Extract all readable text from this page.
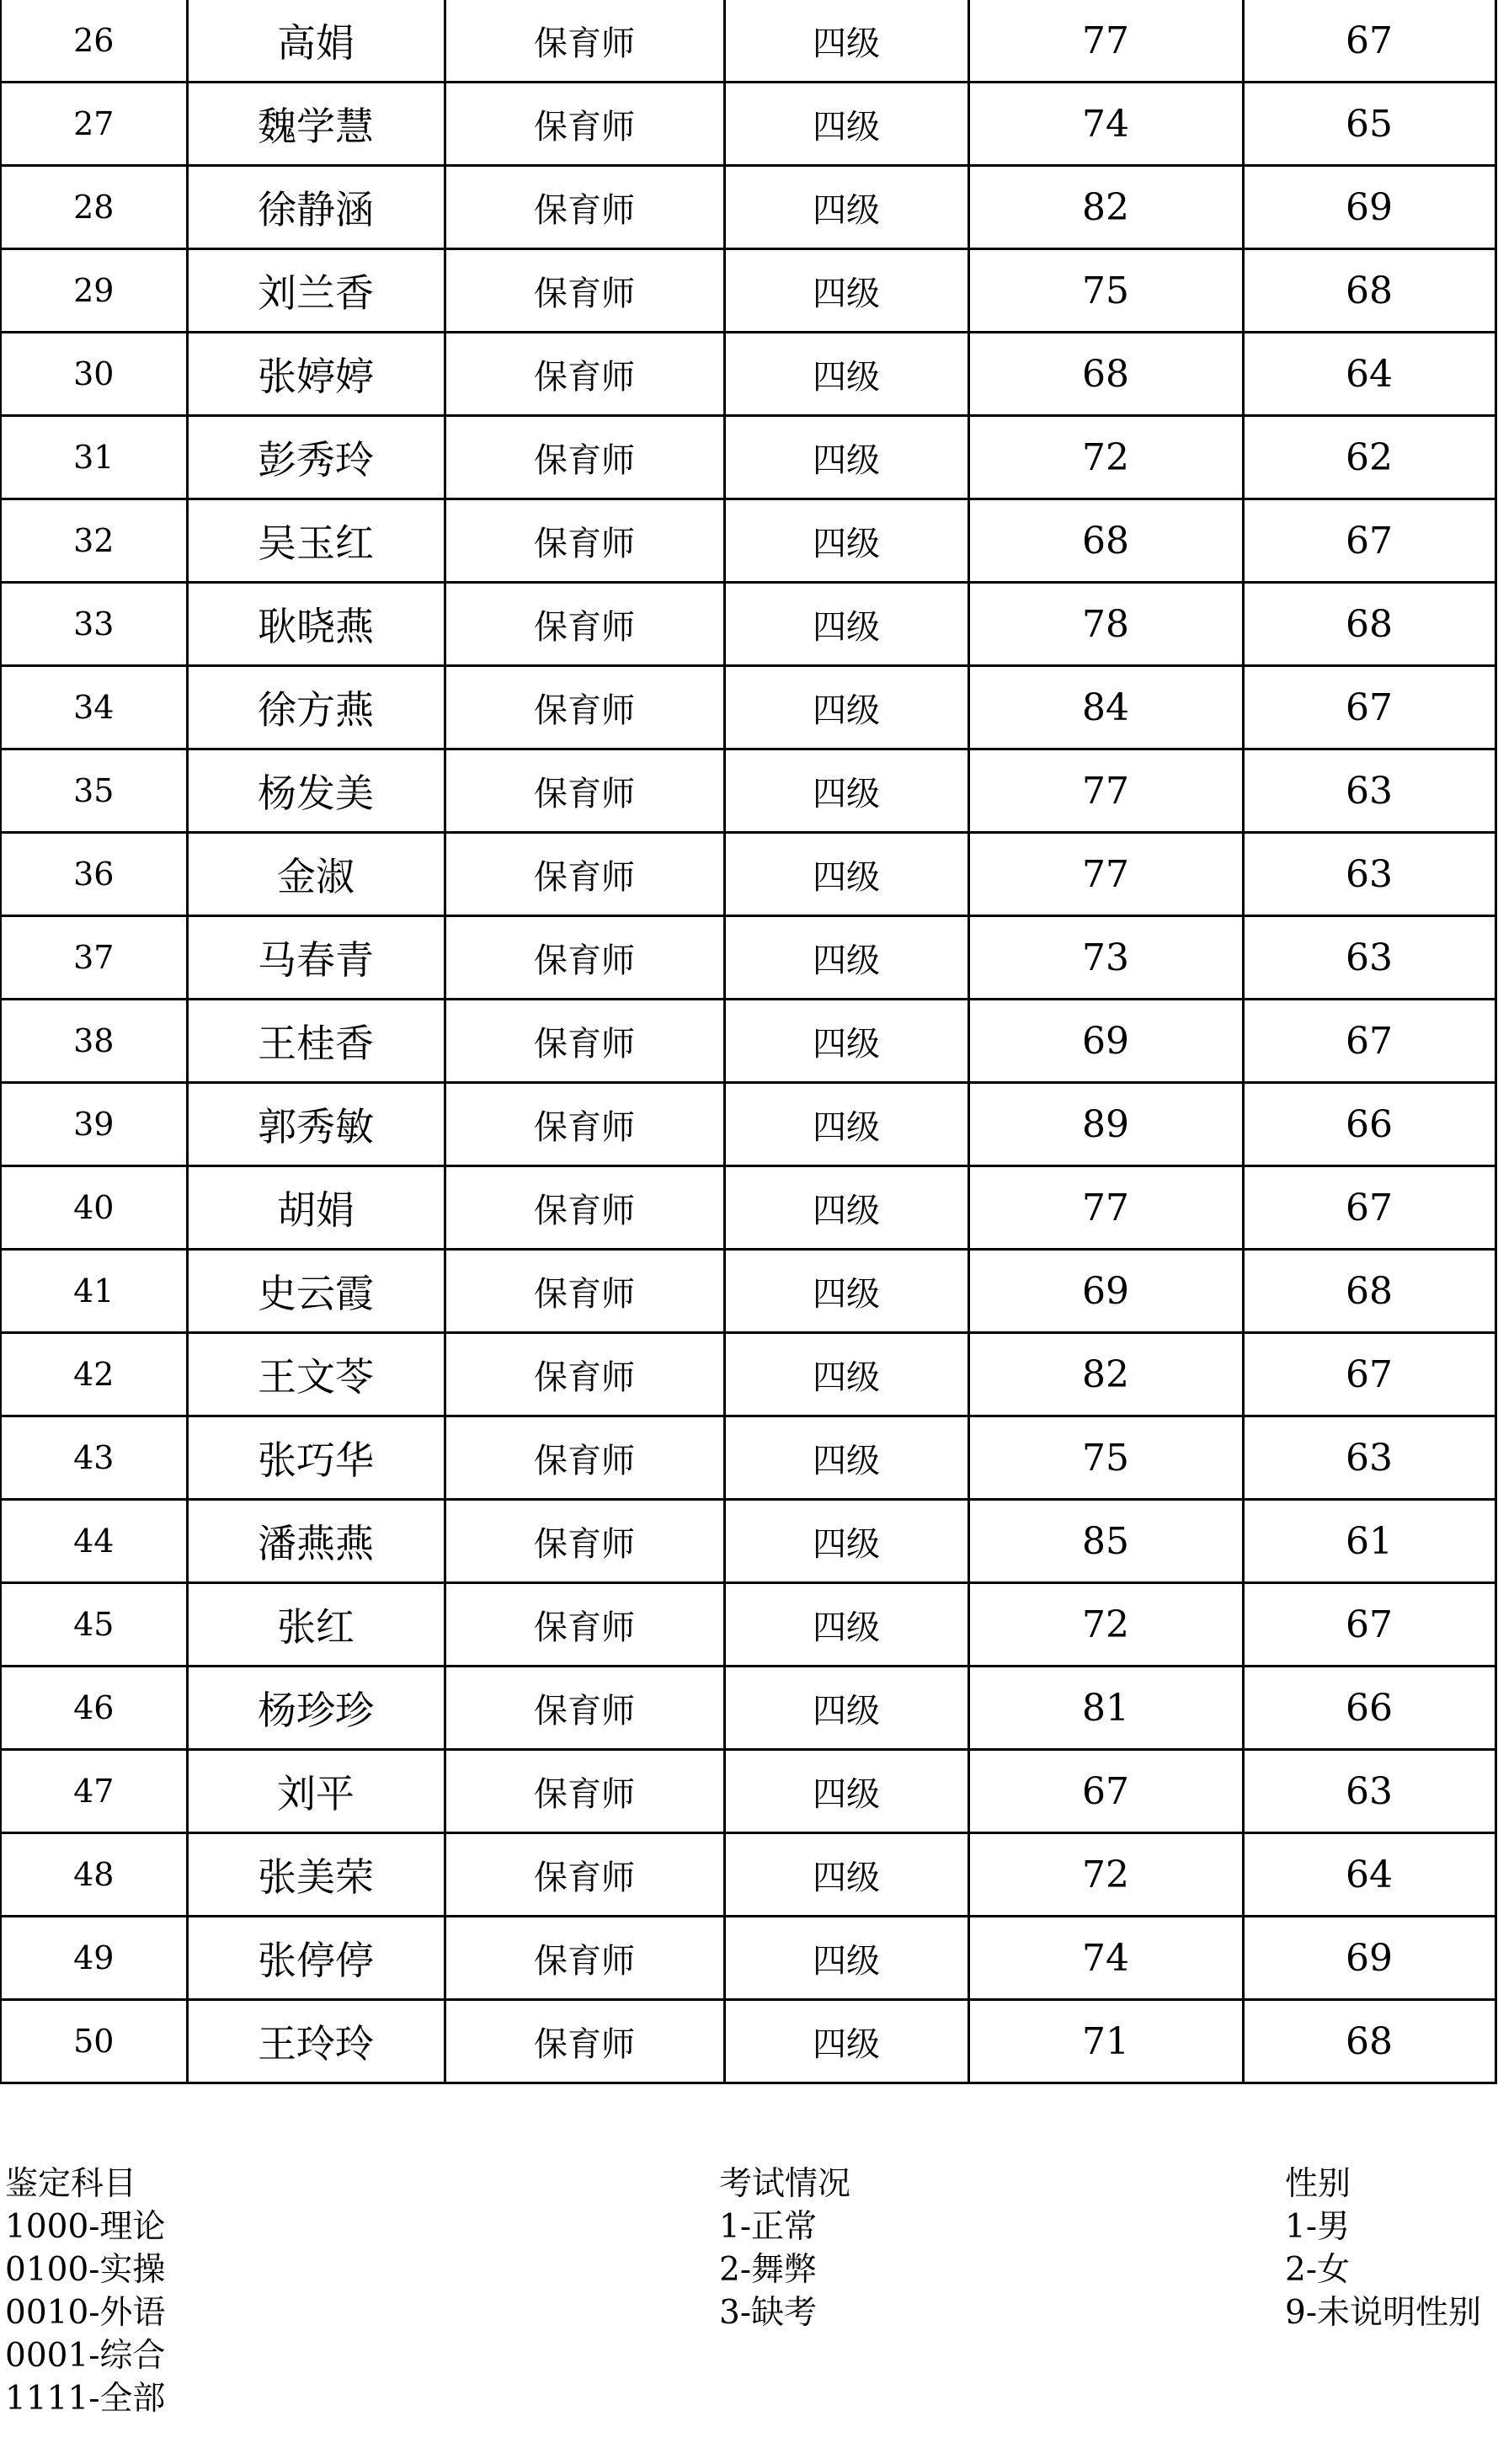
26	高娟	保育师	四级	77	67
27	魏学慧	保育师	四级	74	65
28	徐静涵	保育师	四级	82	69
29	刘兰香	保育师	四级	75	68
30	张婷婷	保育师	四级	68	64
31	彭秀玲	保育师	四级	72	62
32	吴玉红	保育师	四级	68	67
33	耿晓燕	保育师	四级	78	68
34	徐方燕	保育师	四级	84	67
35	杨发美	保育师	四级	77	63
36	金淑	保育师	四级	77	63
37	马春青	保育师	四级	73	63
38	王桂香	保育师	四级	69	67
39	郭秀敏	保育师	四级	89	66
40	胡娟	保育师	四级	77	67
41	史云霞	保育师	四级	69	68
42	王文苓	保育师	四级	82	67
43	张巧华	保育师	四级	75	63
44	潘燕燕	保育师	四级	85	61
45	张红	保育师	四级	72	67
46	杨珍珍	保育师	四级	81	66
47	刘平	保育师	四级	67	63
48	张美荣	保育师	四级	72	64
49	张停停	保育师	四级	74	69
50	王玲玲	保育师	四级	71	68
鉴定科目
1000-理论
0100-实操
0010-外语
0001-综合
1111-全部
考试情况
1-正常
2-舞弊
3-缺考
性别
1-男
2-女
9-未说明性别
